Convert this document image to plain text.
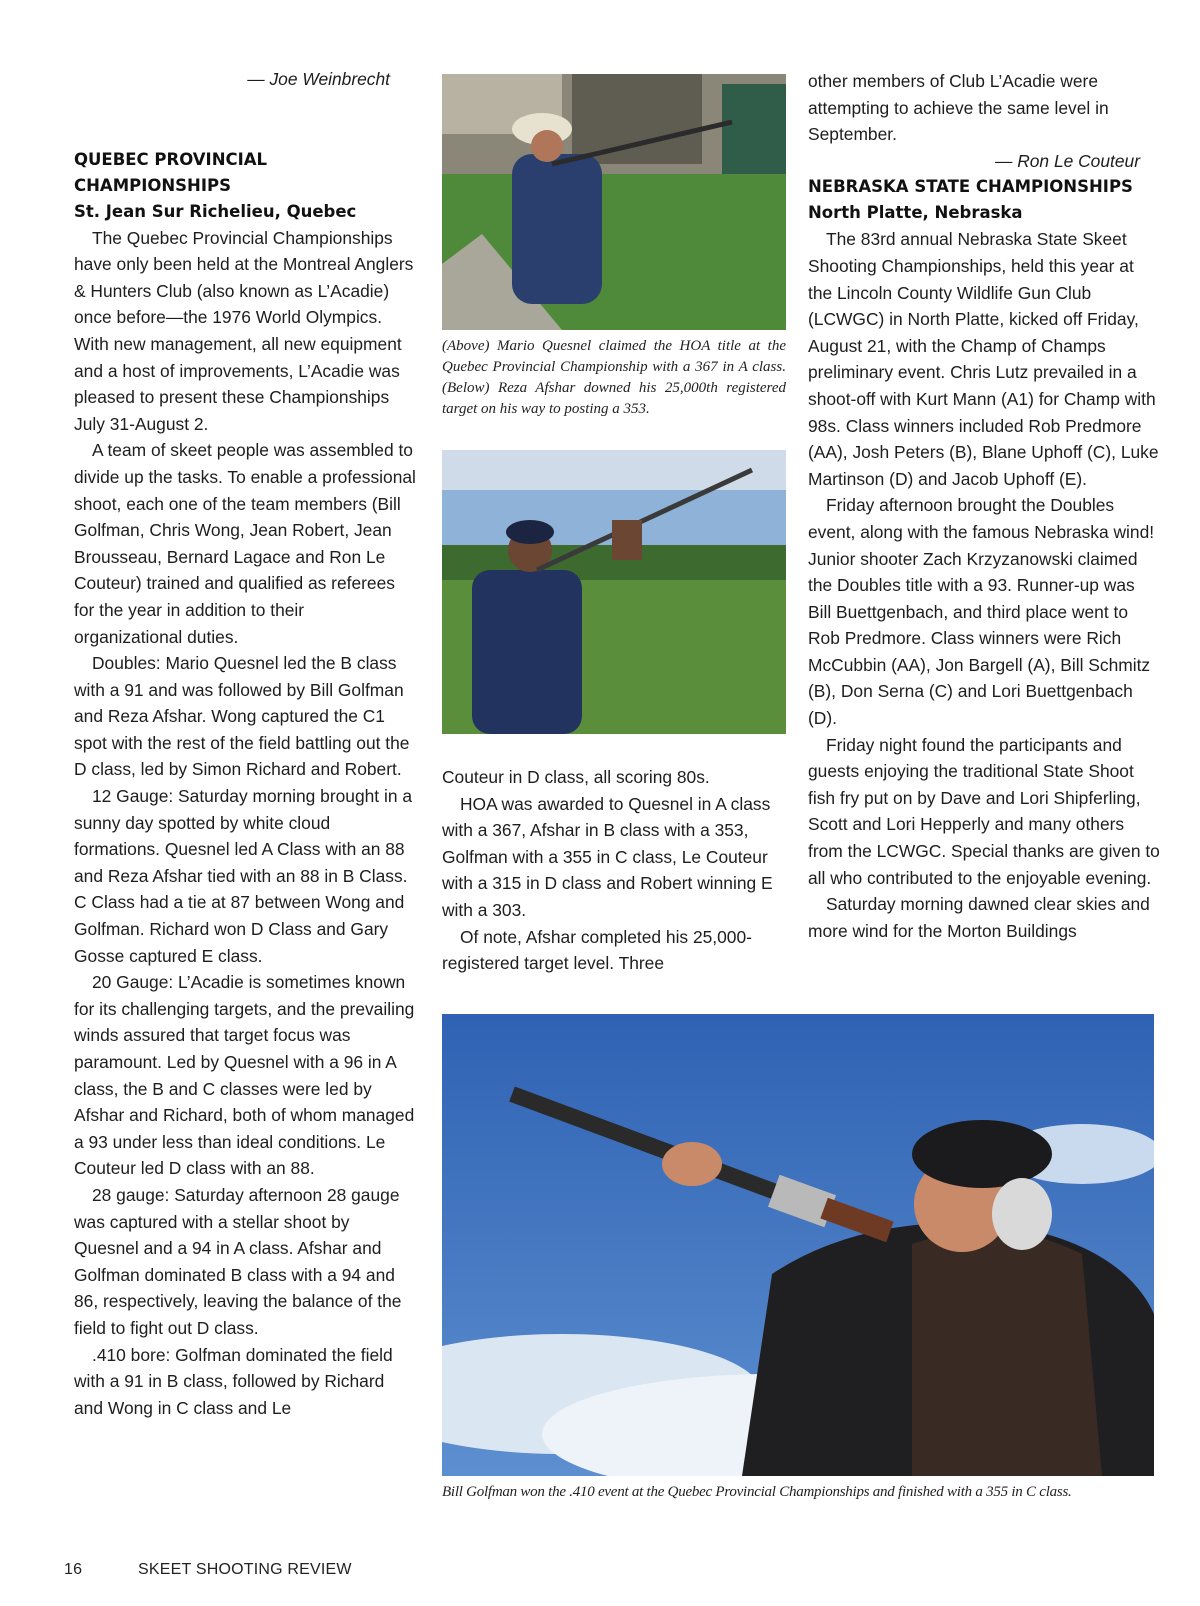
— Joe Weinbrecht

QUEBEC PROVINCIAL CHAMPIONSHIPS
St. Jean Sur Richelieu, Quebec

The Quebec Provincial Championships have only been held at the Montreal Anglers & Hunters Club (also known as L’Acadie) once before—the 1976 World Olympics. With new management, all new equipment and a host of improvements, L’Acadie was pleased to present these Championships July 31-August 2.

A team of skeet people was assembled to divide up the tasks. To enable a professional shoot, each one of the team members (Bill Golfman, Chris Wong, Jean Robert, Jean Brousseau, Bernard Lagace and Ron Le Couteur) trained and qualified as referees for the year in addition to their organizational duties.

Doubles: Mario Quesnel led the B class with a 91 and was followed by Bill Golfman and Reza Afshar. Wong captured the C1 spot with the rest of the field battling out the D class, led by Simon Richard and Robert.

12 Gauge: Saturday morning brought in a sunny day spotted by white cloud formations. Quesnel led A Class with an 88 and Reza Afshar tied with an 88 in B Class. C Class had a tie at 87 between Wong and Golfman. Richard won D Class and Gary Gosse captured E class.

20 Gauge: L’Acadie is sometimes known for its challenging targets, and the prevailing winds assured that target focus was paramount. Led by Quesnel with a 96 in A class, the B and C classes were led by Afshar and Richard, both of whom managed a 93 under less than ideal conditions. Le Couteur led D class with an 88.

28 gauge: Saturday afternoon 28 gauge was captured with a stellar shoot by Quesnel and a 94 in A class. Afshar and Golfman dominated B class with a 94 and 86, respectively, leaving the balance of the field to fight out D class.

.410 bore: Golfman dominated the field with a 91 in B class, followed by Richard and Wong in C class and Le

(Above) Mario Quesnel claimed the HOA title at the Quebec Provincial Championship with a 367 in A class. (Below) Reza Afshar downed his 25,000th registered target on his way to posting a 353.

Couteur in D class, all scoring 80s.

HOA was awarded to Quesnel in A class with a 367, Afshar in B class with a 353, Golfman with a 355 in C class, Le Couteur with a 315 in D class and Robert winning E with a 303.

Of note, Afshar completed his 25,000-registered target level. Three

other members of Club L’Acadie were attempting to achieve the same level in September.

— Ron Le Couteur

NEBRASKA STATE CHAMPIONSHIPS
North Platte, Nebraska

The 83rd annual Nebraska State Skeet Shooting Championships, held this year at the Lincoln County Wildlife Gun Club (LCWGC) in North Platte, kicked off Friday, August 21, with the Champ of Champs preliminary event. Chris Lutz prevailed in a shoot-off with Kurt Mann (A1) for Champ with 98s. Class winners included Rob Predmore (AA), Josh Peters (B), Blane Uphoff (C), Luke Martinson (D) and Jacob Uphoff (E).

Friday afternoon brought the Doubles event, along with the famous Nebraska wind! Junior shooter Zach Krzyzanowski claimed the Doubles title with a 93. Runner-up was Bill Buettgenbach, and third place went to Rob Predmore. Class winners were Rich McCubbin (AA), Jon Bargell (A), Bill Schmitz (B), Don Serna (C) and Lori Buettgenbach (D).

Friday night found the participants and guests enjoying the traditional State Shoot fish fry put on by Dave and Lori Shipferling, Scott and Lori Hepperly and many others from the LCWGC. Special thanks are given to all who contributed to the enjoyable evening.

Saturday morning dawned clear skies and more wind for the Morton Buildings

Bill Golfman won the .410 event at the Quebec Provincial Championships and finished with a 355 in C class.
16	SKEET SHOOTING REVIEW
